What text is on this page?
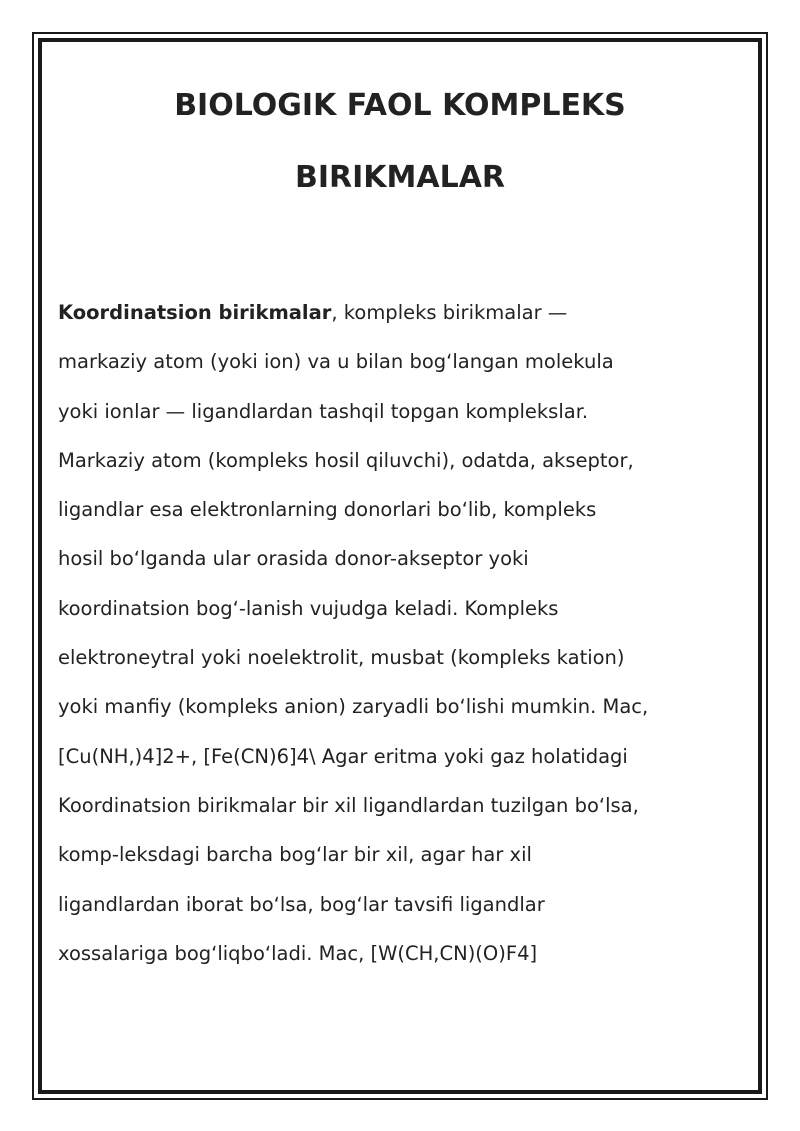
BIOLOGIK FAOL KOMPLEKS
BIRIKMALAR
Koordinatsion birikmalar, kompleks birikmalar —
markaziy atom (yoki ion) va u bilan bogʻlangan molekula
yoki ionlar — ligandlardan tashqil topgan komplekslar.
Markaziy atom (kompleks hosil qiluvchi), odatda, akseptor,
ligandlar esa elektronlarning donorlari boʻlib, kompleks
hosil boʻlganda ular orasida donor-akseptor yoki
koordinatsion bogʻ-lanish vujudga keladi. Kompleks
elektroneytral yoki noelektrolit, musbat (kompleks kation)
yoki manfiy (kompleks anion) zaryadli boʻlishi mumkin. Mac,
[Cu(NH,)4]2+, [Fe(CN)6]4\ Agar eritma yoki gaz holatidagi
Koordinatsion birikmalar bir xil ligandlardan tuzilgan boʻlsa,
komp-leksdagi barcha bogʻlar bir xil, agar har xil
ligandlardan iborat boʻlsa, bogʻlar tavsifi ligandlar
xossalariga bogʻliqboʻladi. Mac, [W(CH,CN)(O)F4]
